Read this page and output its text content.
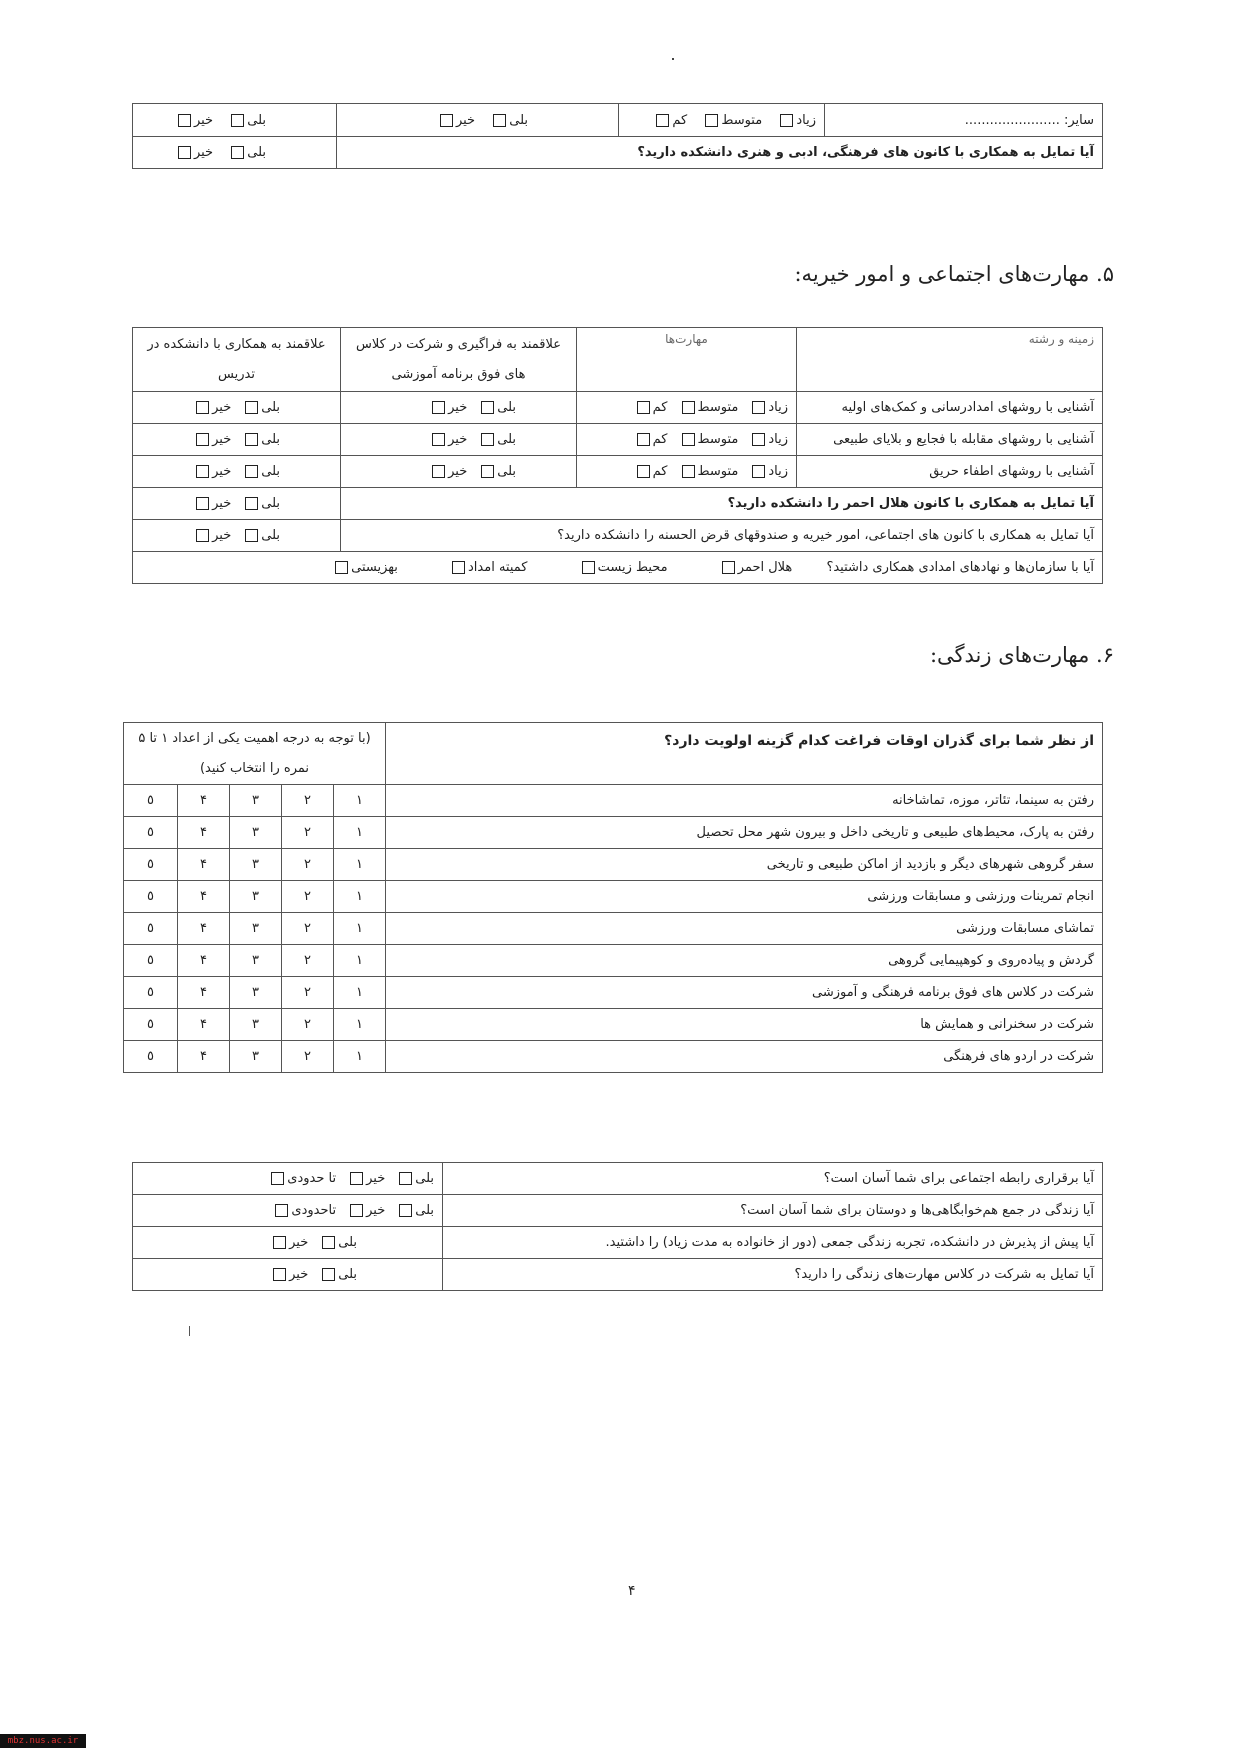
سایر: .......................	زیاد متوسط کم	بلی خیر	بلی خیر
آیا تمایل به همکاری با کانون های فرهنگی، ادبی و هنری دانشکده دارید؟			بلی خیر
۵. مهارت‌های اجتماعی و امور خیریه:
زمینه و رشته	مهارت‌ها	علاقمند به فراگیری و شرکت در کلاس های فوق برنامه آموزشی	علاقمند به همکاری با دانشکده در تدریس
آشنایی با روشهای امدادرسانی و کمک‌های اولیه	زیادمتوسطکم	بلیخیر	بلیخیر
آشنایی با روشهای مقابله با فجایع و بلایای طبیعی	زیادمتوسطکم	بلیخیر	بلیخیر
آشنایی با روشهای اطفاء حریق	زیادمتوسطکم	بلیخیر	بلیخیر
آیا تمایل به همکاری با کانون هلال احمر را دانشکده دارید؟			بلیخیر
آیا تمایل به همکاری با کانون های اجتماعی، امور خیریه و صندوقهای قرض الحسنه را دانشکده دارید؟			بلیخیر
آیا با سازمان‌ها و نهادهای امدادی همکاری داشتید؟ هلال احمر محیط زیست کمیته امداد بهزیستی			
۶. مهارت‌های زندگی:
از نظر شما برای گذران اوقات فراغت کدام گزینه اولویت دارد؟	(با توجه به درجه اهمیت یکی از اعداد ۱ تا ۵ نمره را انتخاب کنید)				
رفتن به سینما، تئاتر، موزه، تماشاخانه	۱	۲	۳	۴	٥
رفتن به پارک، محیط‌های طبیعی و تاریخی داخل و بیرون شهر محل تحصیل	۱	۲	۳	۴	٥
سفر گروهی شهرهای دیگر و بازدید از اماکن طبیعی و تاریخی	۱	۲	۳	۴	٥
انجام تمرینات ورزشی و مسابقات ورزشی	۱	۲	۳	۴	٥
تماشای مسابقات ورزشی	۱	۲	۳	۴	٥
گردش و پیاده‌روی و کوهپیمایی گروهی	۱	۲	۳	۴	٥
شرکت در کلاس های فوق برنامه فرهنگی و آموزشی	۱	۲	۳	۴	٥
شرکت در سخنرانی و همایش ها	۱	۲	۳	۴	٥
شرکت در اردو های فرهنگی	۱	۲	۳	۴	٥
آیا برقراری رابطه اجتماعی برای شما آسان است؟	بلیخیرتا حدودی
آیا زندگی در جمع هم‌خوابگاهی‌ها و دوستان برای شما آسان است؟	بلیخیرتاحدودی
آیا پیش از پذیرش در دانشکده، تجربه زندگی جمعی (دور از خانواده به مدت زیاد) را داشتید.	بلیخیر
آیا تمایل به شرکت در کلاس مهارت‌های زندگی را دارید؟	بلیخیر
۴
mbz.nus.ac.ir
